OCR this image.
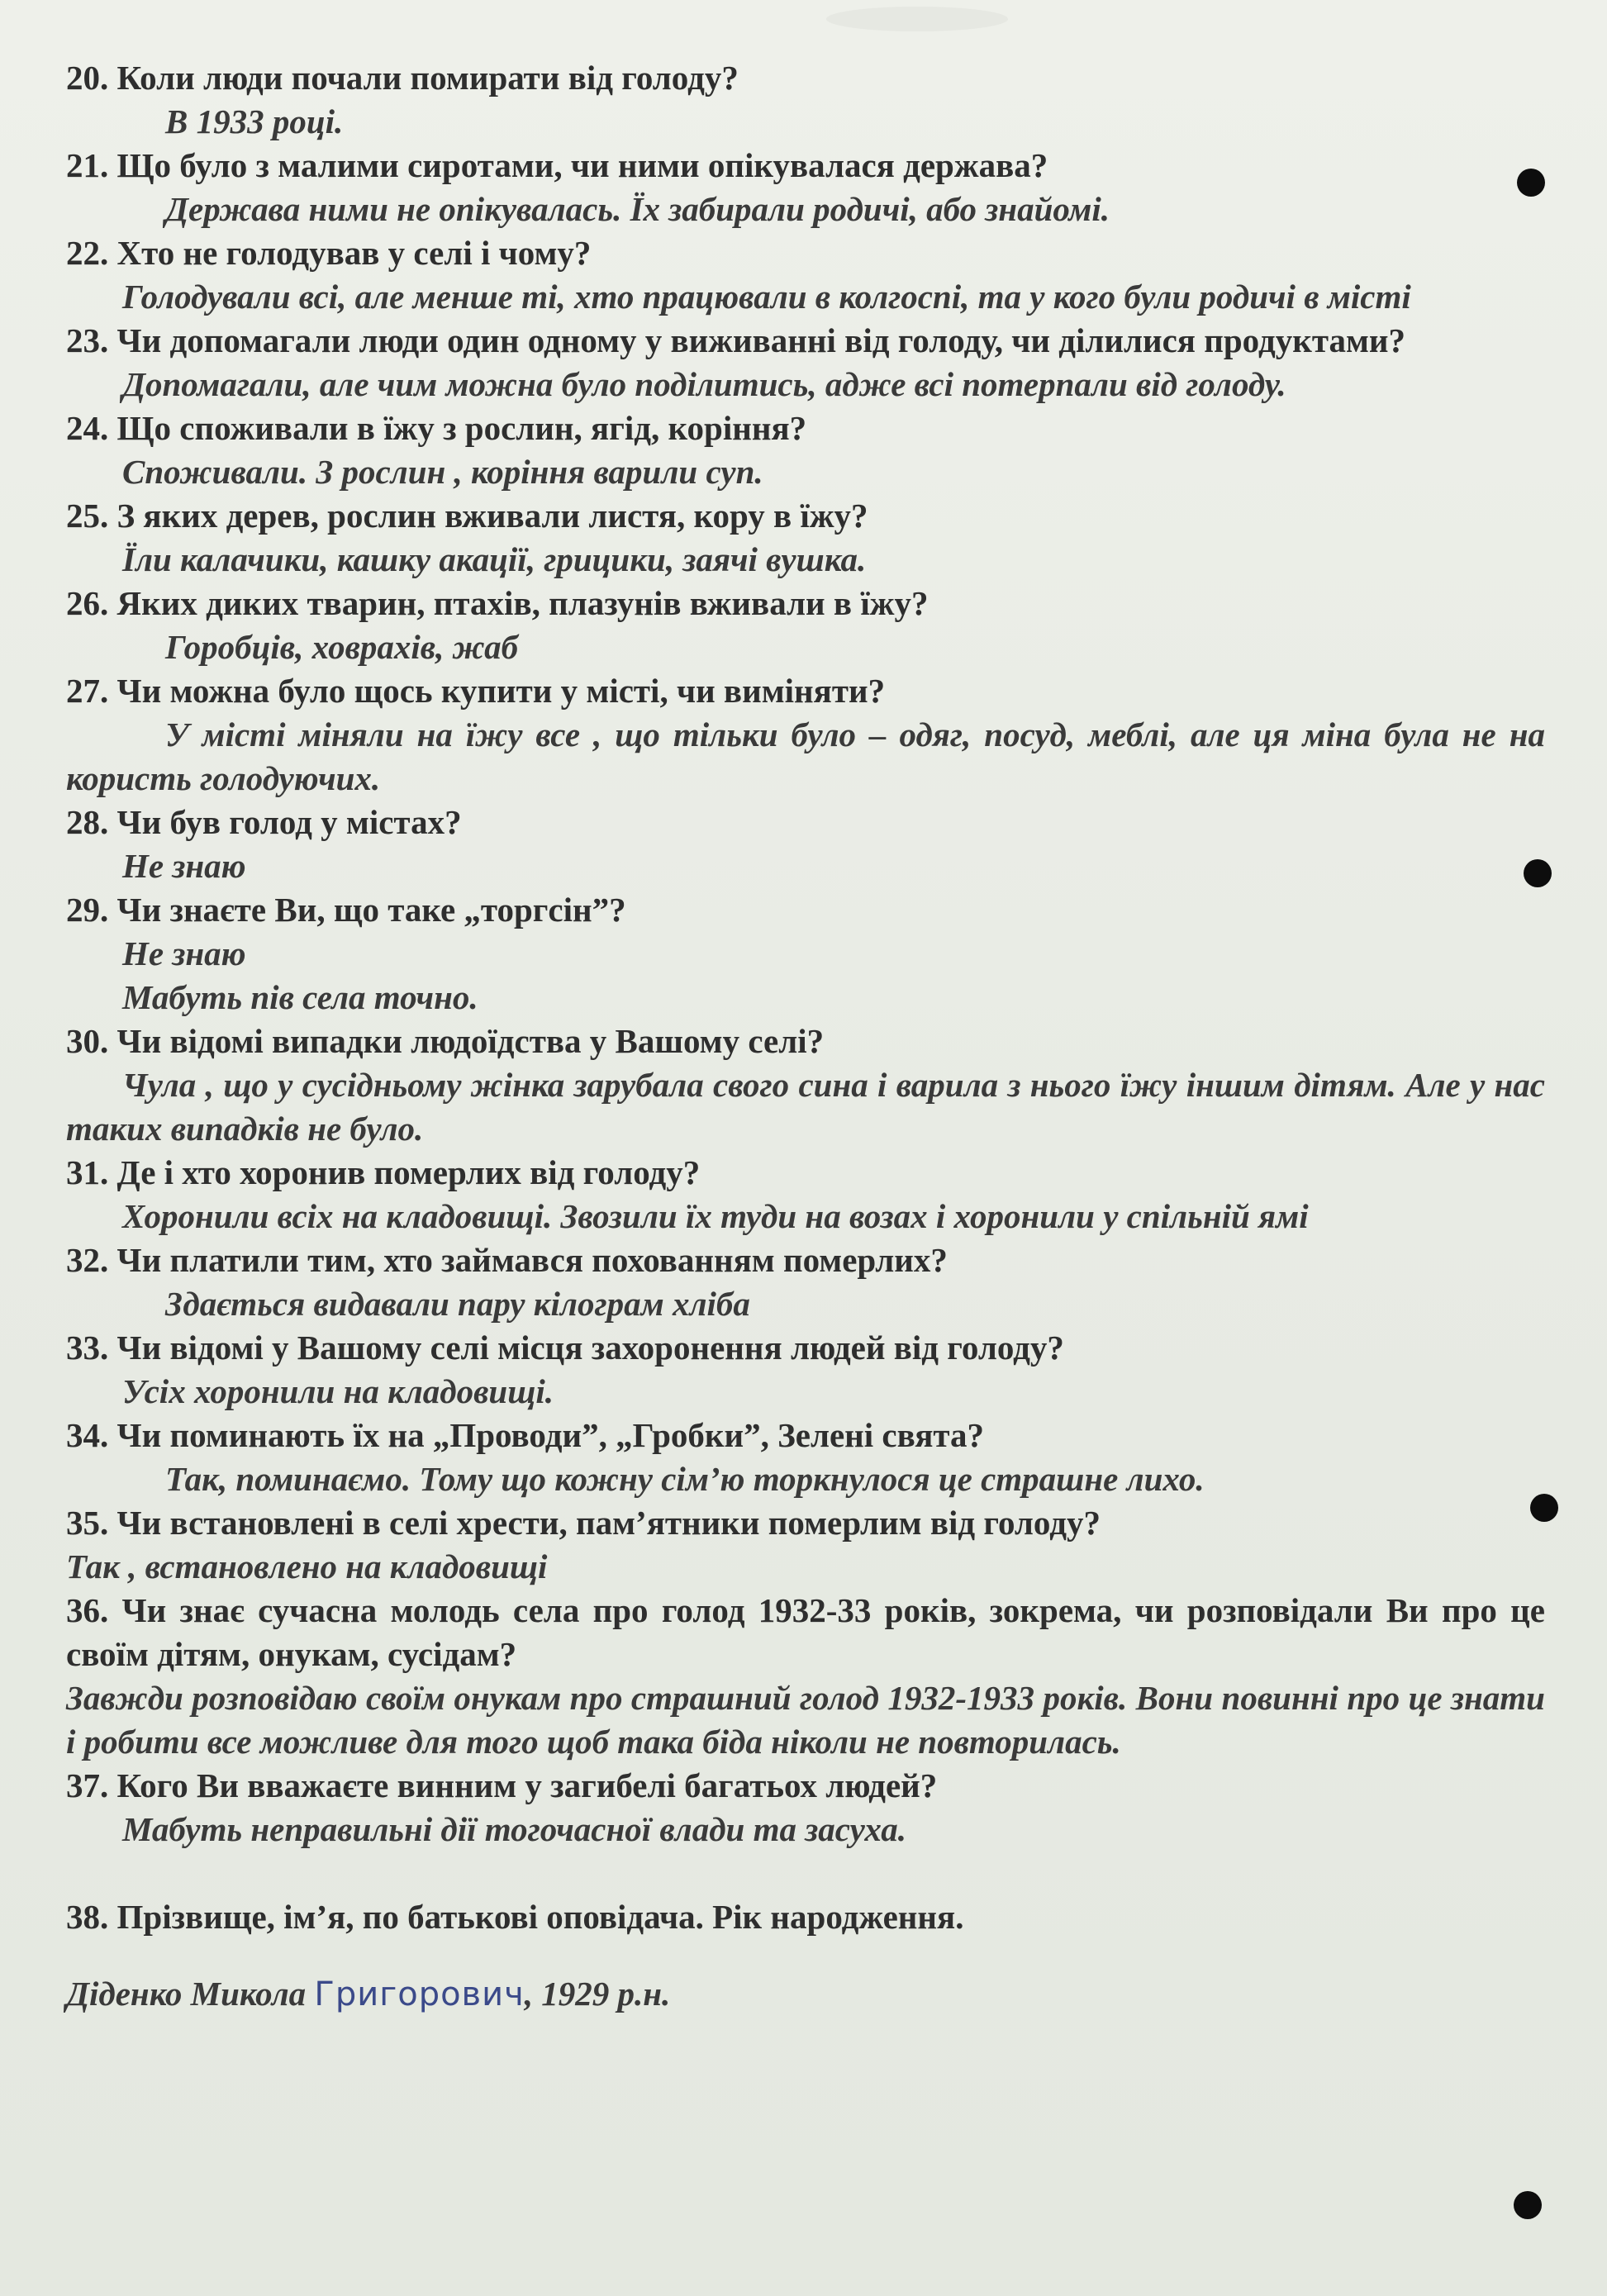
20. Коли люди почали помирати від голоду?
В 1933 році.
21. Що було з малими сиротами, чи ними опікувалася держава?
Держава ними не опікувалась. Їх забирали родичі, або знайомі.
22. Хто не голодував у селі і чому?
Голодували всі, але менше ті, хто працювали в колгоспі, та у кого були родичі в місті
23. Чи допомагали люди один одному у виживанні від голоду, чи ділилися продуктами?
Допомагали, але чим можна було поділитись, адже всі потерпали від голоду.
24. Що споживали в їжу з рослин, ягід, коріння?
Споживали. З рослин , коріння варили суп.
25. З яких дерев, рослин вживали листя, кору в їжу?
Їли калачики, кашку акації, грицики, заячі вушка.
26. Яких диких тварин, птахів, плазунів вживали в їжу?
Горобців, ховрахів, жаб
27. Чи можна було щось купити у місті, чи виміняти?
У місті міняли на їжу все , що тільки було – одяг, посуд, меблі, але ця міна була не на користь голодуючих.
28. Чи був голод у містах?
Не знаю
29. Чи знаєте Ви, що таке „торгсін”?
Не знаю
Мабуть пів села точно.
30. Чи відомі випадки людоїдства у Вашому селі?
Чула , що у сусідньому жінка зарубала свого сина і варила з нього їжу іншим дітям. Але у нас таких випадків не було.
31. Де і хто хоронив померлих від голоду?
Хоронили всіх на кладовищі. Звозили їх туди на возах і хоронили у спільній ямі
32. Чи платили тим, хто займався похованням померлих?
Здається видавали пару кілограм хліба
33. Чи відомі у Вашому селі місця захоронення людей від голоду?
Усіх хоронили на кладовищі.
34. Чи поминають їх на „Проводи”, „Гробки”, Зелені свята?
Так, поминаємо. Тому що кожну сім’ю торкнулося це страшне лихо.
35. Чи встановлені в селі хрести, пам’ятники померлим від голоду?
Так , встановлено на кладовищі
36. Чи знає сучасна молодь села про голод 1932-33 років, зокрема, чи розповідали Ви про це своїм дітям, онукам, сусідам?
Завжди розповідаю своїм онукам про страшний голод 1932-1933 років. Вони повинні про це знати і робити все можливе для того щоб така біда ніколи не повторилась.
37. Кого Ви вважаєте винним у загибелі багатьох людей?
Мабуть неправильні дії тогочасної влади та засуха.
38. Прізвище, ім’я, по батькові оповідача. Рік народження.
Діденко Микола Григорович, 1929 р.н.
